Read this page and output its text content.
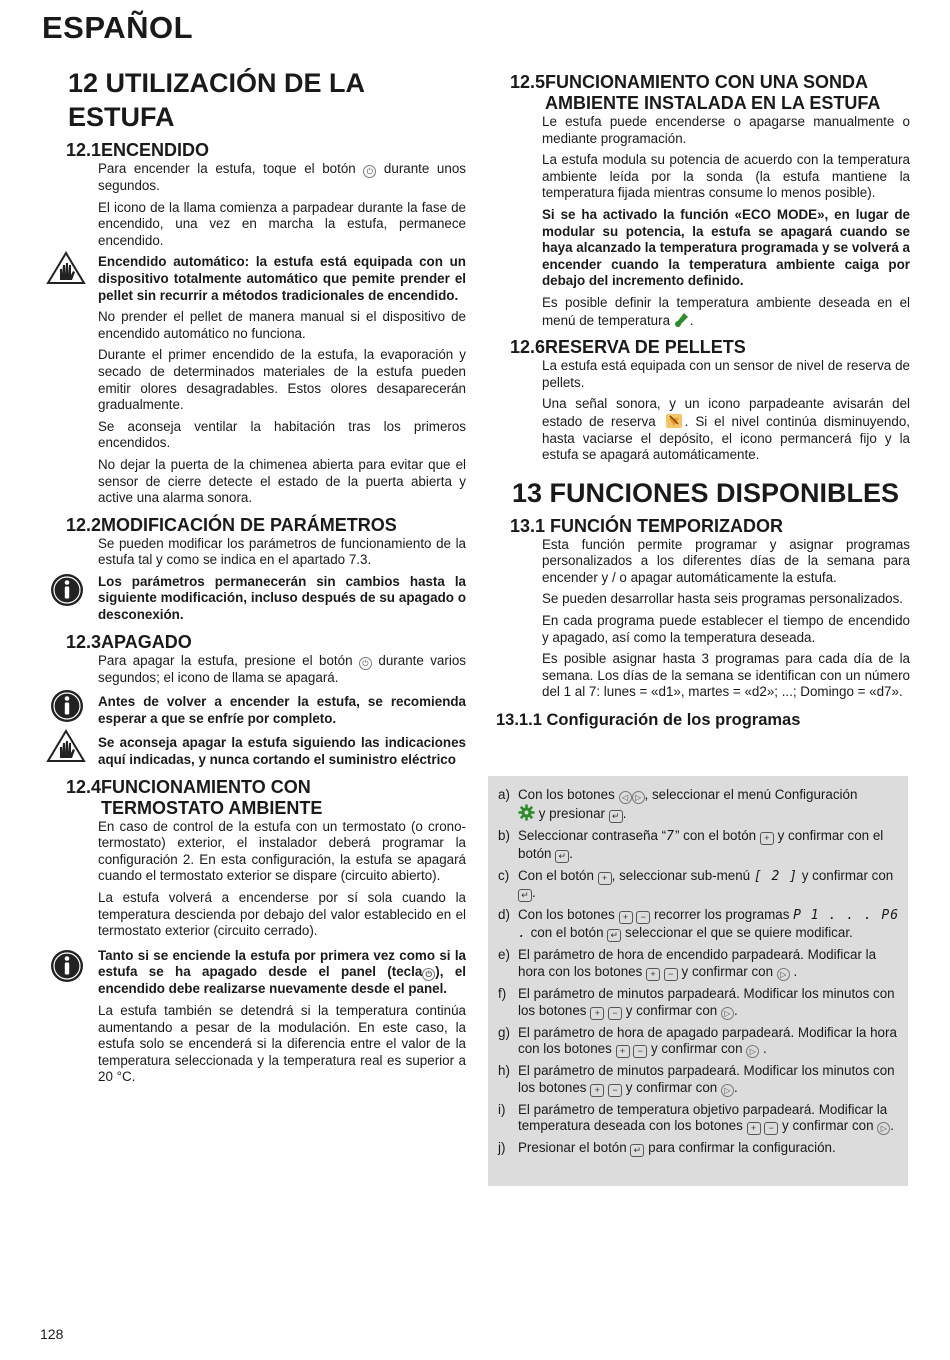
ESPAÑOL
12 UTILIZACIÓN DE LA ESTUFA
12.1 ENCENDIDO
Para encender la estufa, toque el botón ⏻ durante unos segundos.
El icono de la llama comienza a parpadear durante la fase de encendido, una vez en marcha la estufa, permanece encendido.
Encendido automático: la estufa está equipada con un dispositivo totalmente automático que pemite prender el pellet sin recurrir a métodos tradicionales de encendido.
No prender el pellet de manera manual si el dispositivo de encendido automático no funciona.
Durante el primer encendido de la estufa, la evaporación y secado de determinados materiales de la estufa pueden emitir olores desagradables. Estos olores desaparecerán gradualmente.
Se aconseja ventilar la habitación tras los primeros encendidos.
No dejar la puerta de la chimenea abierta para evitar que el sensor de cierre detecte el estado de la puerta abierta y active una alarma sonora.
12.2 MODIFICACIÓN DE PARÁMETROS
Se pueden modificar los parámetros de funcionamiento de la estufa tal y como se indica en el apartado 7.3.
Los parámetros permanecerán sin cambios hasta la siguiente modificación, incluso después de su apagado o desconexión.
12.3 APAGADO
Para apagar la estufa, presione el botón ⏻ durante varios segundos; el icono de llama se apagará.
Antes de volver a encender la estufa, se recomienda esperar a que se enfríe por completo.
Se aconseja apagar la estufa siguiendo las indicaciones aquí indicadas, y nunca cortando el suministro eléctrico
12.4 FUNCIONAMIENTO CON
TERMOSTATO AMBIENTE
En caso de control de la estufa con un termostato (o crono-termostato) exterior, el instalador deberá programar la configuración 2. En esta configuración, la estufa se apagará cuando el termostato exterior se dispare (circuito abierto).
La estufa volverá a encenderse por sí sola cuando la temperatura descienda por debajo del valor establecido en el termostato exterior (circuito cerrado).
Tanto si se enciende la estufa por primera vez como si la estufa se ha apagado desde el panel (tecla ⏻ ), el encendido debe realizarse nuevamente desde el panel.
La estufa también se detendrá si la temperatura continúa aumentando a pesar de la modulación. En este caso, la estufa solo se encenderá si la diferencia entre el valor de la temperatura seleccionada y la temperatura real es superior a 20 °C.
12.5 FUNCIONAMIENTO CON UNA SONDA
AMBIENTE INSTALADA EN LA ESTUFA
Le estufa puede encenderse o apagarse manualmente o mediante programación.
La estufa modula su potencia de acuerdo con la temperatura ambiente leída por la sonda (la estufa mantiene la temperatura fijada mientras consume lo menos posible).
Si se ha activado la función «ECO MODE», en lugar de modular su potencia, la estufa se apagará cuando se haya alcanzado la temperatura programada y se volverá a encender cuando la temperatura ambiente caiga por debajo del incremento definido.
Es posible definir la temperatura ambiente deseada en el menú de temperatura .
12.6 RESERVA DE PELLETS
La estufa está equipada con un sensor de nivel de reserva de pellets.
Una señal sonora, y un icono parpadeante avisarán del estado de reserva . Si el nivel continúa disminuyendo, hasta vaciarse el depósito, el icono permancerá fijo y la estufa se apagará automáticamente.
13 FUNCIONES DISPONIBLES
13.1 FUNCIÓN TEMPORIZADOR
Esta función permite programar y asignar programas personalizados a los diferentes días de la semana para encender y / o apagar automáticamente la estufa.
Se pueden desarrollar hasta seis programas personalizados.
En cada programa puede establecer el tiempo de encendido y apagado, así como la temperatura deseada.
Es posible asignar hasta 3 programas para cada día de la semana. Los días de la semana se identifican con un número del 1 al 7: lunes = «d1», martes = «d2»; ...; Domingo = «d7».
13.1.1 Configuración de los programas
a) Con los botones ◁ ▷ , seleccionar el menú Configuración
y presionar ↵ .
b) Seleccionar contraseña “7” con el botón + y confirmar con el botón ↵ .
c) Con el botón + , seleccionar sub-menú [ 2 ] y confirmar con ↵ .
d) Con los botones + − recorrer los programas P 1 . . . P6 . con el botón ↵ seleccionar el que se quiere modificar.
e) El parámetro de hora de encendido parpadeará. Modificar la hora con los botones + − y confirmar con ▷ .
f) El parámetro de minutos parpadeará. Modificar los minutos con los botones + − y confirmar con ▷ .
g) El parámetro de hora de apagado parpadeará. Modificar la hora con los botones + − y confirmar con ▷ .
h) El parámetro de minutos parpadeará. Modificar los minutos con los botones + − y confirmar con ▷ .
i) El parámetro de temperatura objetivo parpadeará. Modificar la temperatura deseada con los botones + − y confirmar con ▷ .
j) Presionar el botón ↵ para confirmar la configuración.
128
